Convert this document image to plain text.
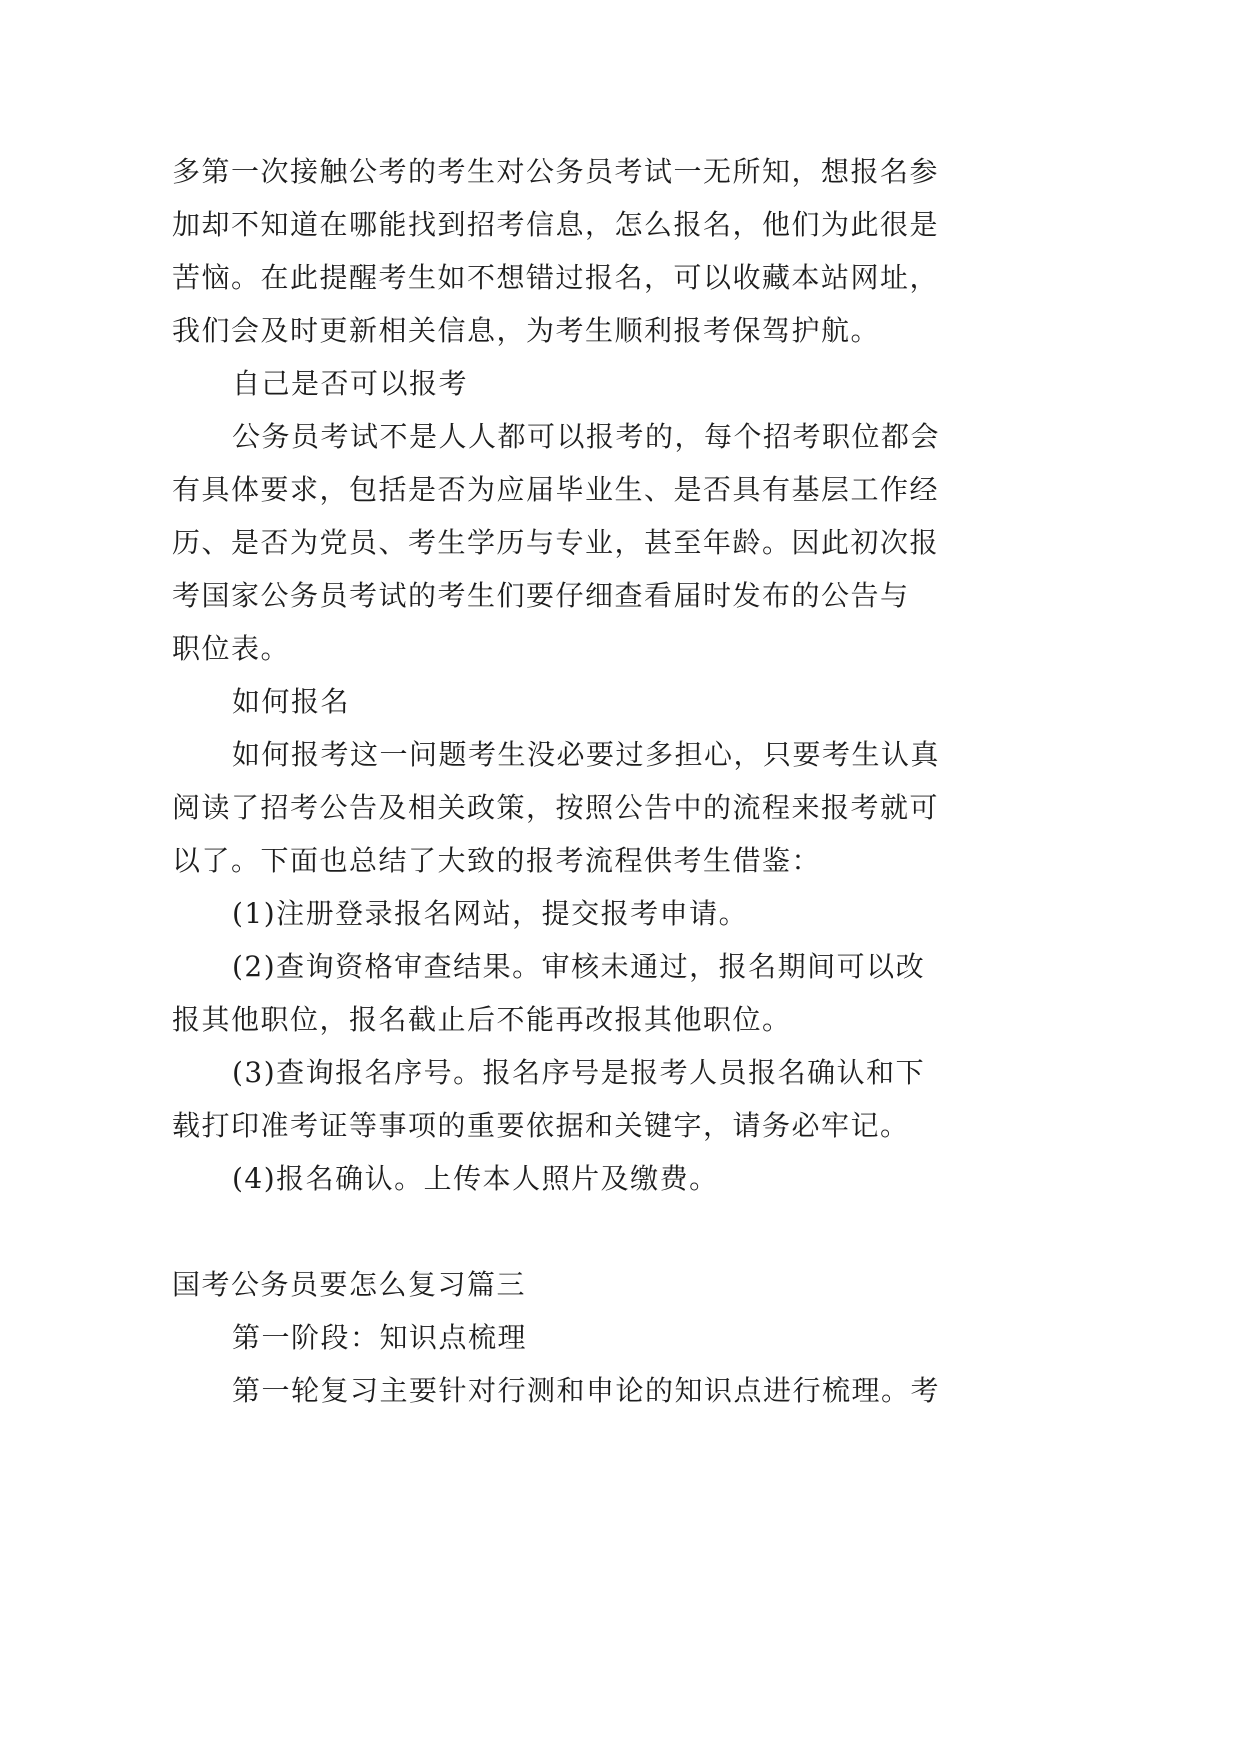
多第一次接触公考的考生对公务员考试一无所知，想报名参
加却不知道在哪能找到招考信息，怎么报名，他们为此很是
苦恼。在此提醒考生如不想错过报名，可以收藏本站网址，
我们会及时更新相关信息，为考生顺利报考保驾护航。
自己是否可以报考
公务员考试不是人人都可以报考的，每个招考职位都会
有具体要求，包括是否为应届毕业生、是否具有基层工作经
历、是否为党员、考生学历与专业，甚至年龄。因此初次报
考国家公务员考试的考生们要仔细查看届时发布的公告与
职位表。
如何报名
如何报考这一问题考生没必要过多担心，只要考生认真
阅读了招考公告及相关政策，按照公告中的流程来报考就可
以了。下面也总结了大致的报考流程供考生借鉴：
(1)注册登录报名网站，提交报考申请。
(2)查询资格审查结果。审核未通过，报名期间可以改
报其他职位，报名截止后不能再改报其他职位。
(3)查询报名序号。报名序号是报考人员报名确认和下
载打印准考证等事项的重要依据和关键字，请务必牢记。
(4)报名确认。上传本人照片及缴费。
国考公务员要怎么复习篇三
第一阶段：知识点梳理
第一轮复习主要针对行测和申论的知识点进行梳理。考
